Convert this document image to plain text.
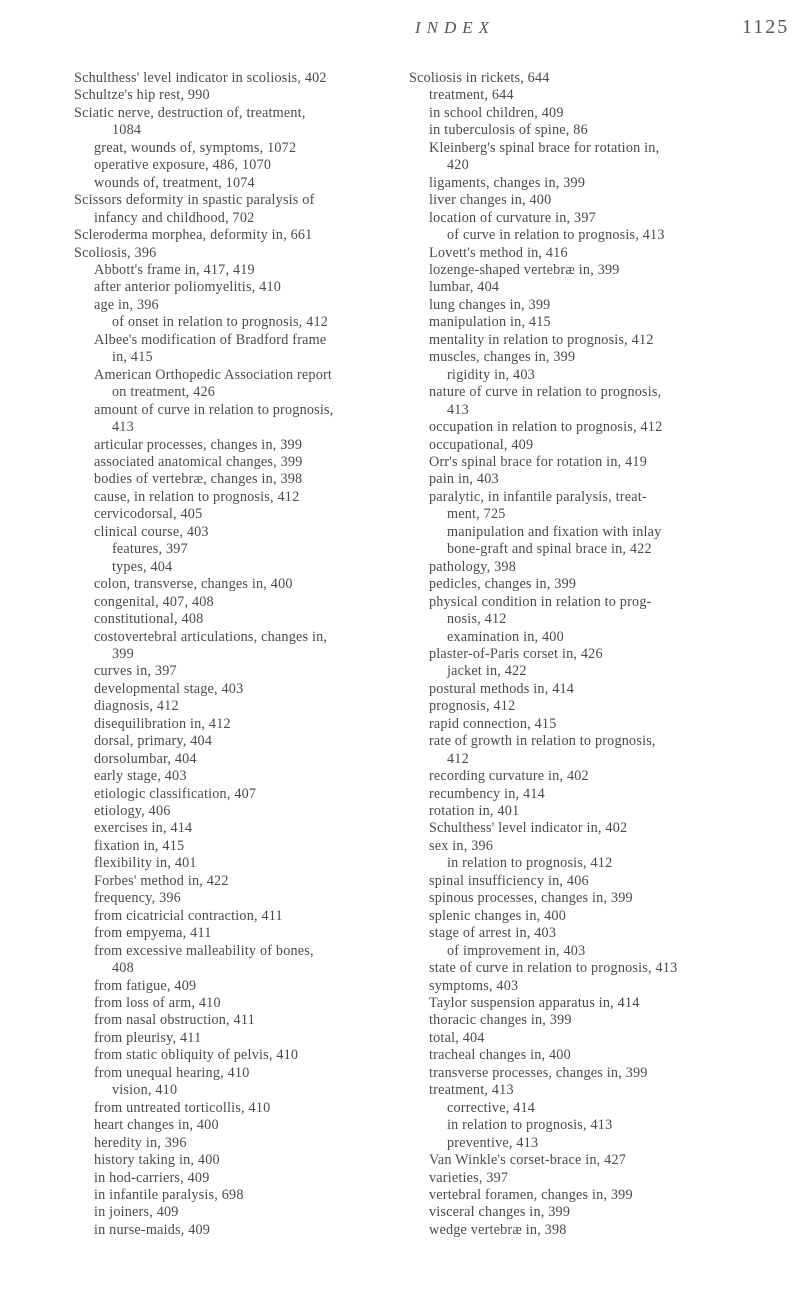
INDEX	1125
Schulthess' level indicator in scoliosis, 402
Schultze's hip rest, 990
Sciatic nerve, destruction of, treatment,
1084
great, wounds of, symptoms, 1072
operative exposure, 486, 1070
wounds of, treatment, 1074
Scissors deformity in spastic paralysis of
infancy and childhood, 702
Scleroderma morphea, deformity in, 661
Scoliosis, 396
Abbott's frame in, 417, 419
after anterior poliomyelitis, 410
age in, 396
of onset in relation to prognosis, 412
Albee's modification of Bradford frame
in, 415
American Orthopedic Association report
on treatment, 426
amount of curve in relation to prognosis,
413
articular processes, changes in, 399
associated anatomical changes, 399
bodies of vertebræ, changes in, 398
cause, in relation to prognosis, 412
cervicodorsal, 405
clinical course, 403
features, 397
types, 404
colon, transverse, changes in, 400
congenital, 407, 408
constitutional, 408
costovertebral articulations, changes in,
399
curves in, 397
developmental stage, 403
diagnosis, 412
disequilibration in, 412
dorsal, primary, 404
dorsolumbar, 404
early stage, 403
etiologic classification, 407
etiology, 406
exercises in, 414
fixation in, 415
flexibility in, 401
Forbes' method in, 422
frequency, 396
from cicatricial contraction, 411
from empyema, 411
from excessive malleability of bones,
408
from fatigue, 409
from loss of arm, 410
from nasal obstruction, 411
from pleurisy, 411
from static obliquity of pelvis, 410
from unequal hearing, 410
vision, 410
from untreated torticollis, 410
heart changes in, 400
heredity in, 396
history taking in, 400
in hod-carriers, 409
in infantile paralysis, 698
in joiners, 409
in nurse-maids, 409
Scoliosis in rickets, 644
treatment, 644
in school children, 409
in tuberculosis of spine, 86
Kleinberg's spinal brace for rotation in,
420
ligaments, changes in, 399
liver changes in, 400
location of curvature in, 397
of curve in relation to prognosis, 413
Lovett's method in, 416
lozenge-shaped vertebræ in, 399
lumbar, 404
lung changes in, 399
manipulation in, 415
mentality in relation to prognosis, 412
muscles, changes in, 399
rigidity in, 403
nature of curve in relation to prognosis,
413
occupation in relation to prognosis, 412
occupational, 409
Orr's spinal brace for rotation in, 419
pain in, 403
paralytic, in infantile paralysis, treat-
ment, 725
manipulation and fixation with inlay
bone-graft and spinal brace in, 422
pathology, 398
pedicles, changes in, 399
physical condition in relation to prog-
nosis, 412
examination in, 400
plaster-of-Paris corset in, 426
jacket in, 422
postural methods in, 414
prognosis, 412
rapid connection, 415
rate of growth in relation to prognosis,
412
recording curvature in, 402
recumbency in, 414
rotation in, 401
Schulthess' level indicator in, 402
sex in, 396
in relation to prognosis, 412
spinal insufficiency in, 406
spinous processes, changes in, 399
splenic changes in, 400
stage of arrest in, 403
of improvement in, 403
state of curve in relation to prognosis, 413
symptoms, 403
Taylor suspension apparatus in, 414
thoracic changes in, 399
total, 404
tracheal changes in, 400
transverse processes, changes in, 399
treatment, 413
corrective, 414
in relation to prognosis, 413
preventive, 413
Van Winkle's corset-brace in, 427
varieties, 397
vertebral foramen, changes in, 399
visceral changes in, 399
wedge vertebræ in, 398
